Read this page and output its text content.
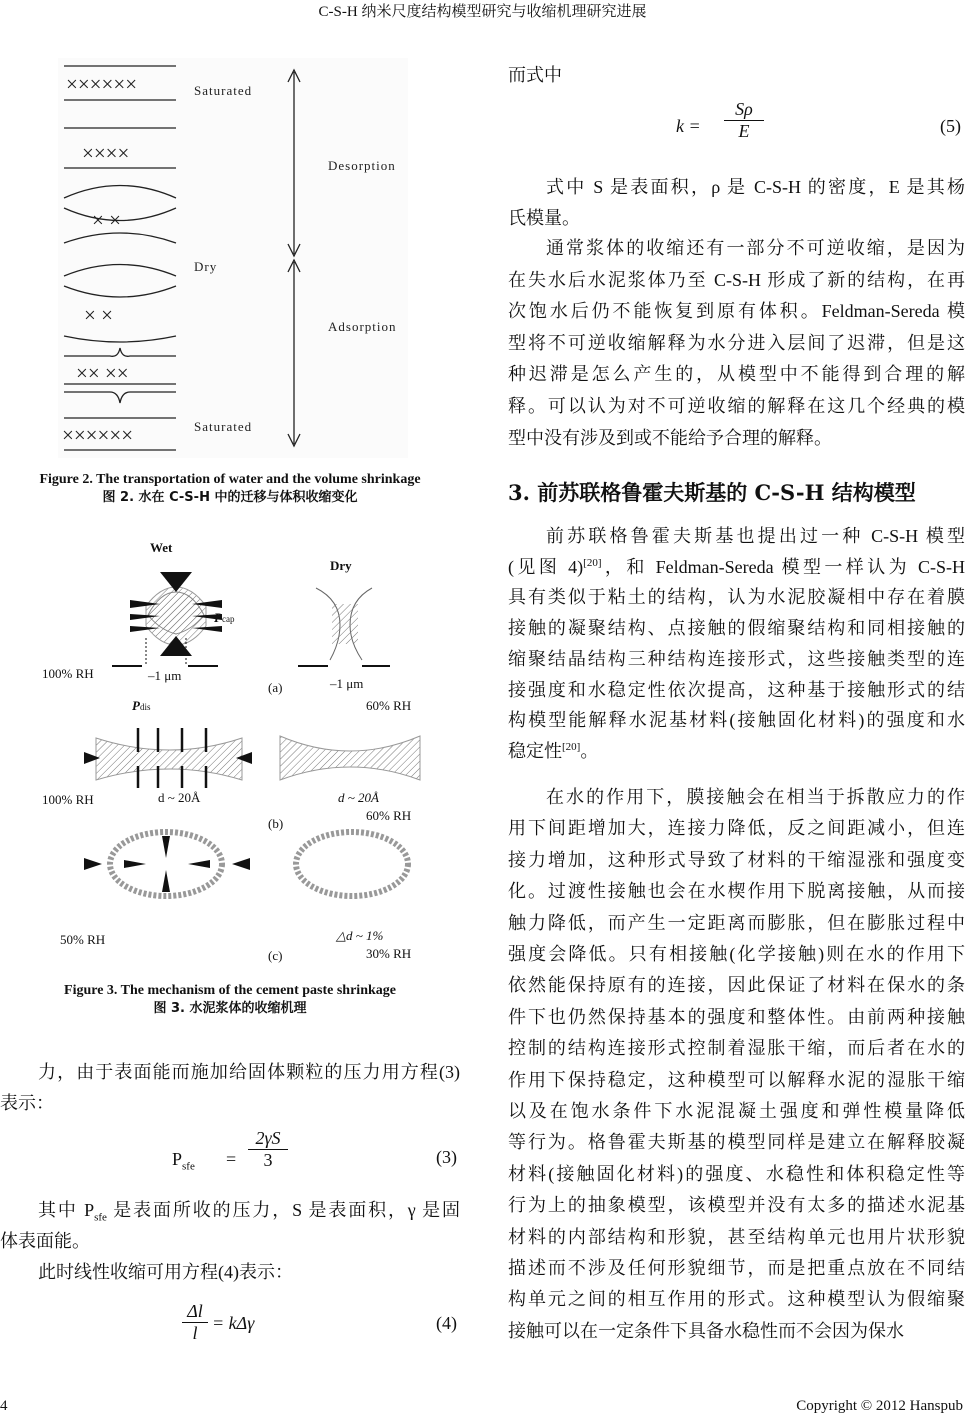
C-S-H 纳米尺度结构模型研究与收缩机理研究进展
××××××
××××
× ×
× ×
×× ××
××××××
Saturated
Desorption
Dry
Adsorption
Saturated
Figure 2. The transportation of water and the volume shrinkage
图 2. 水在 C-S-H 中的迁移与体积收缩变化
Wet
Dry
Pcap
100% RH	–1 μm
(a)	–1 μm
60% RH
Pdis
100% RH	d ~ 20Å	d ~ 20Å
(b)
60% RH
50% RH	△d ~ 1%
(c)	30% RH
Figure 3. The mechanism of the cement paste shrinkage
图 3. 水泥浆体的收缩机理
力，由于表面能而施加给固体颗粒的压力用方程(3)
表示：
$P_{sfe}$ =
2γS
3	(3)
其中 $P_{sfe}$ 是表面所收的压力，S 是表面积，γ 是固
体表面能。
此时线性收缩可用方程(4)表示：
Δl
l = kΔγ	(4)
而式中
k =
Sρ
E	(5)
式中 S 是表面积，ρ 是 C-S-H 的密度，E 是其杨
氏模量。
通常浆体的收缩还有一部分不可逆收缩，是因为
在失水后水泥浆体乃至 C-S-H 形成了新的结构，在再
次饱水后仍不能恢复到原有体积。Feldman-Sereda 模
型将不可逆收缩解释为水分进入层间了迟滞，但是这
种迟滞是怎么产生的，从模型中不能得到合理的解
释。可以认为对不可逆收缩的解释在这几个经典的模
型中没有涉及到或不能给予合理的解释。
3. 前苏联格鲁霍夫斯基的 C-S-H 结构模型
前苏联格鲁霍夫斯基也提出过一种 C-S-H 模型
(见图 4)[20]，和 Feldman-Sereda 模型一样认为 C-S-H
具有类似于粘土的结构，认为水泥胶凝相中存在着膜
接触的凝聚结构、点接触的假缩聚结构和同相接触的
缩聚结晶结构三种结构连接形式，这些接触类型的连
接强度和水稳定性依次提高，这种基于接触形式的结
构模型能解释水泥基材料(接触固化材料)的强度和水
稳定性[20]。
在水的作用下，膜接触会在相当于拆散应力的作
用下间距增加大，连接力降低，反之间距减小，但连
接力增加，这种形式导致了材料的干缩湿涨和强度变
化。过渡性接触也会在水楔作用下脱离接触，从而接
触力降低，而产生一定距离而膨胀，但在膨胀过程中
强度会降低。只有相接触(化学接触)则在水的作用下
依然能保持原有的连接，因此保证了材料在保水的条
件下也仍然保持基本的强度和整体性。由前两种接触
控制的结构连接形式控制着湿胀干缩，而后者在水的
作用下保持稳定，这种模型可以解释水泥的湿胀干缩
以及在饱水条件下水泥混凝土强度和弹性模量降低
等行为。格鲁霍夫斯基的模型同样是建立在解释胶凝
材料(接触固化材料)的强度、水稳性和体积稳定性等
行为上的抽象模型，该模型并没有太多的描述水泥基
材料的内部结构和形貌，甚至结构单元也用片状形貌
描述而不涉及任何形貌细节，而是把重点放在不同结
构单元之间的相互作用的形式。这种模型认为假缩聚
接触可以在一定条件下具备水稳性而不会因为保水
4	Copyright © 2012 Hanspub
